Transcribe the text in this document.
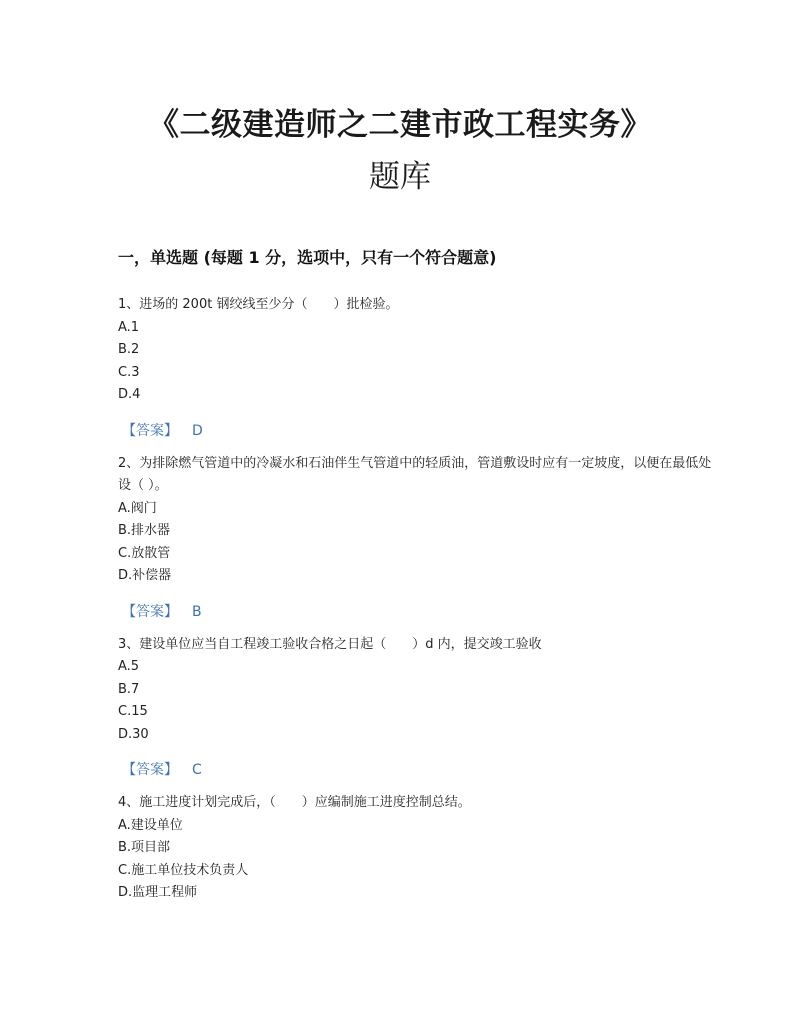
《二级建造师之二建市政工程实务》
题库
一，单选题 (每题 1 分，选项中，只有一个符合题意)
1、进场的 200t 钢绞线至少分（　　）批检验。
A.1
B.2
C.3
D.4
【答案】 D
2、为排除燃气管道中的冷凝水和石油伴生气管道中的轻质油，管道敷设时应有一定坡度，以便在最低处设（ ）。
A.阀门
B.排水器
C.放散管
D.补偿器
【答案】 B
3、建设单位应当自工程竣工验收合格之日起（　　）d 内，提交竣工验收
A.5
B.7
C.15
D.30
【答案】 C
4、施工进度计划完成后，（　　）应编制施工进度控制总结。
A.建设单位
B.项目部
C.施工单位技术负责人
D.监理工程师
